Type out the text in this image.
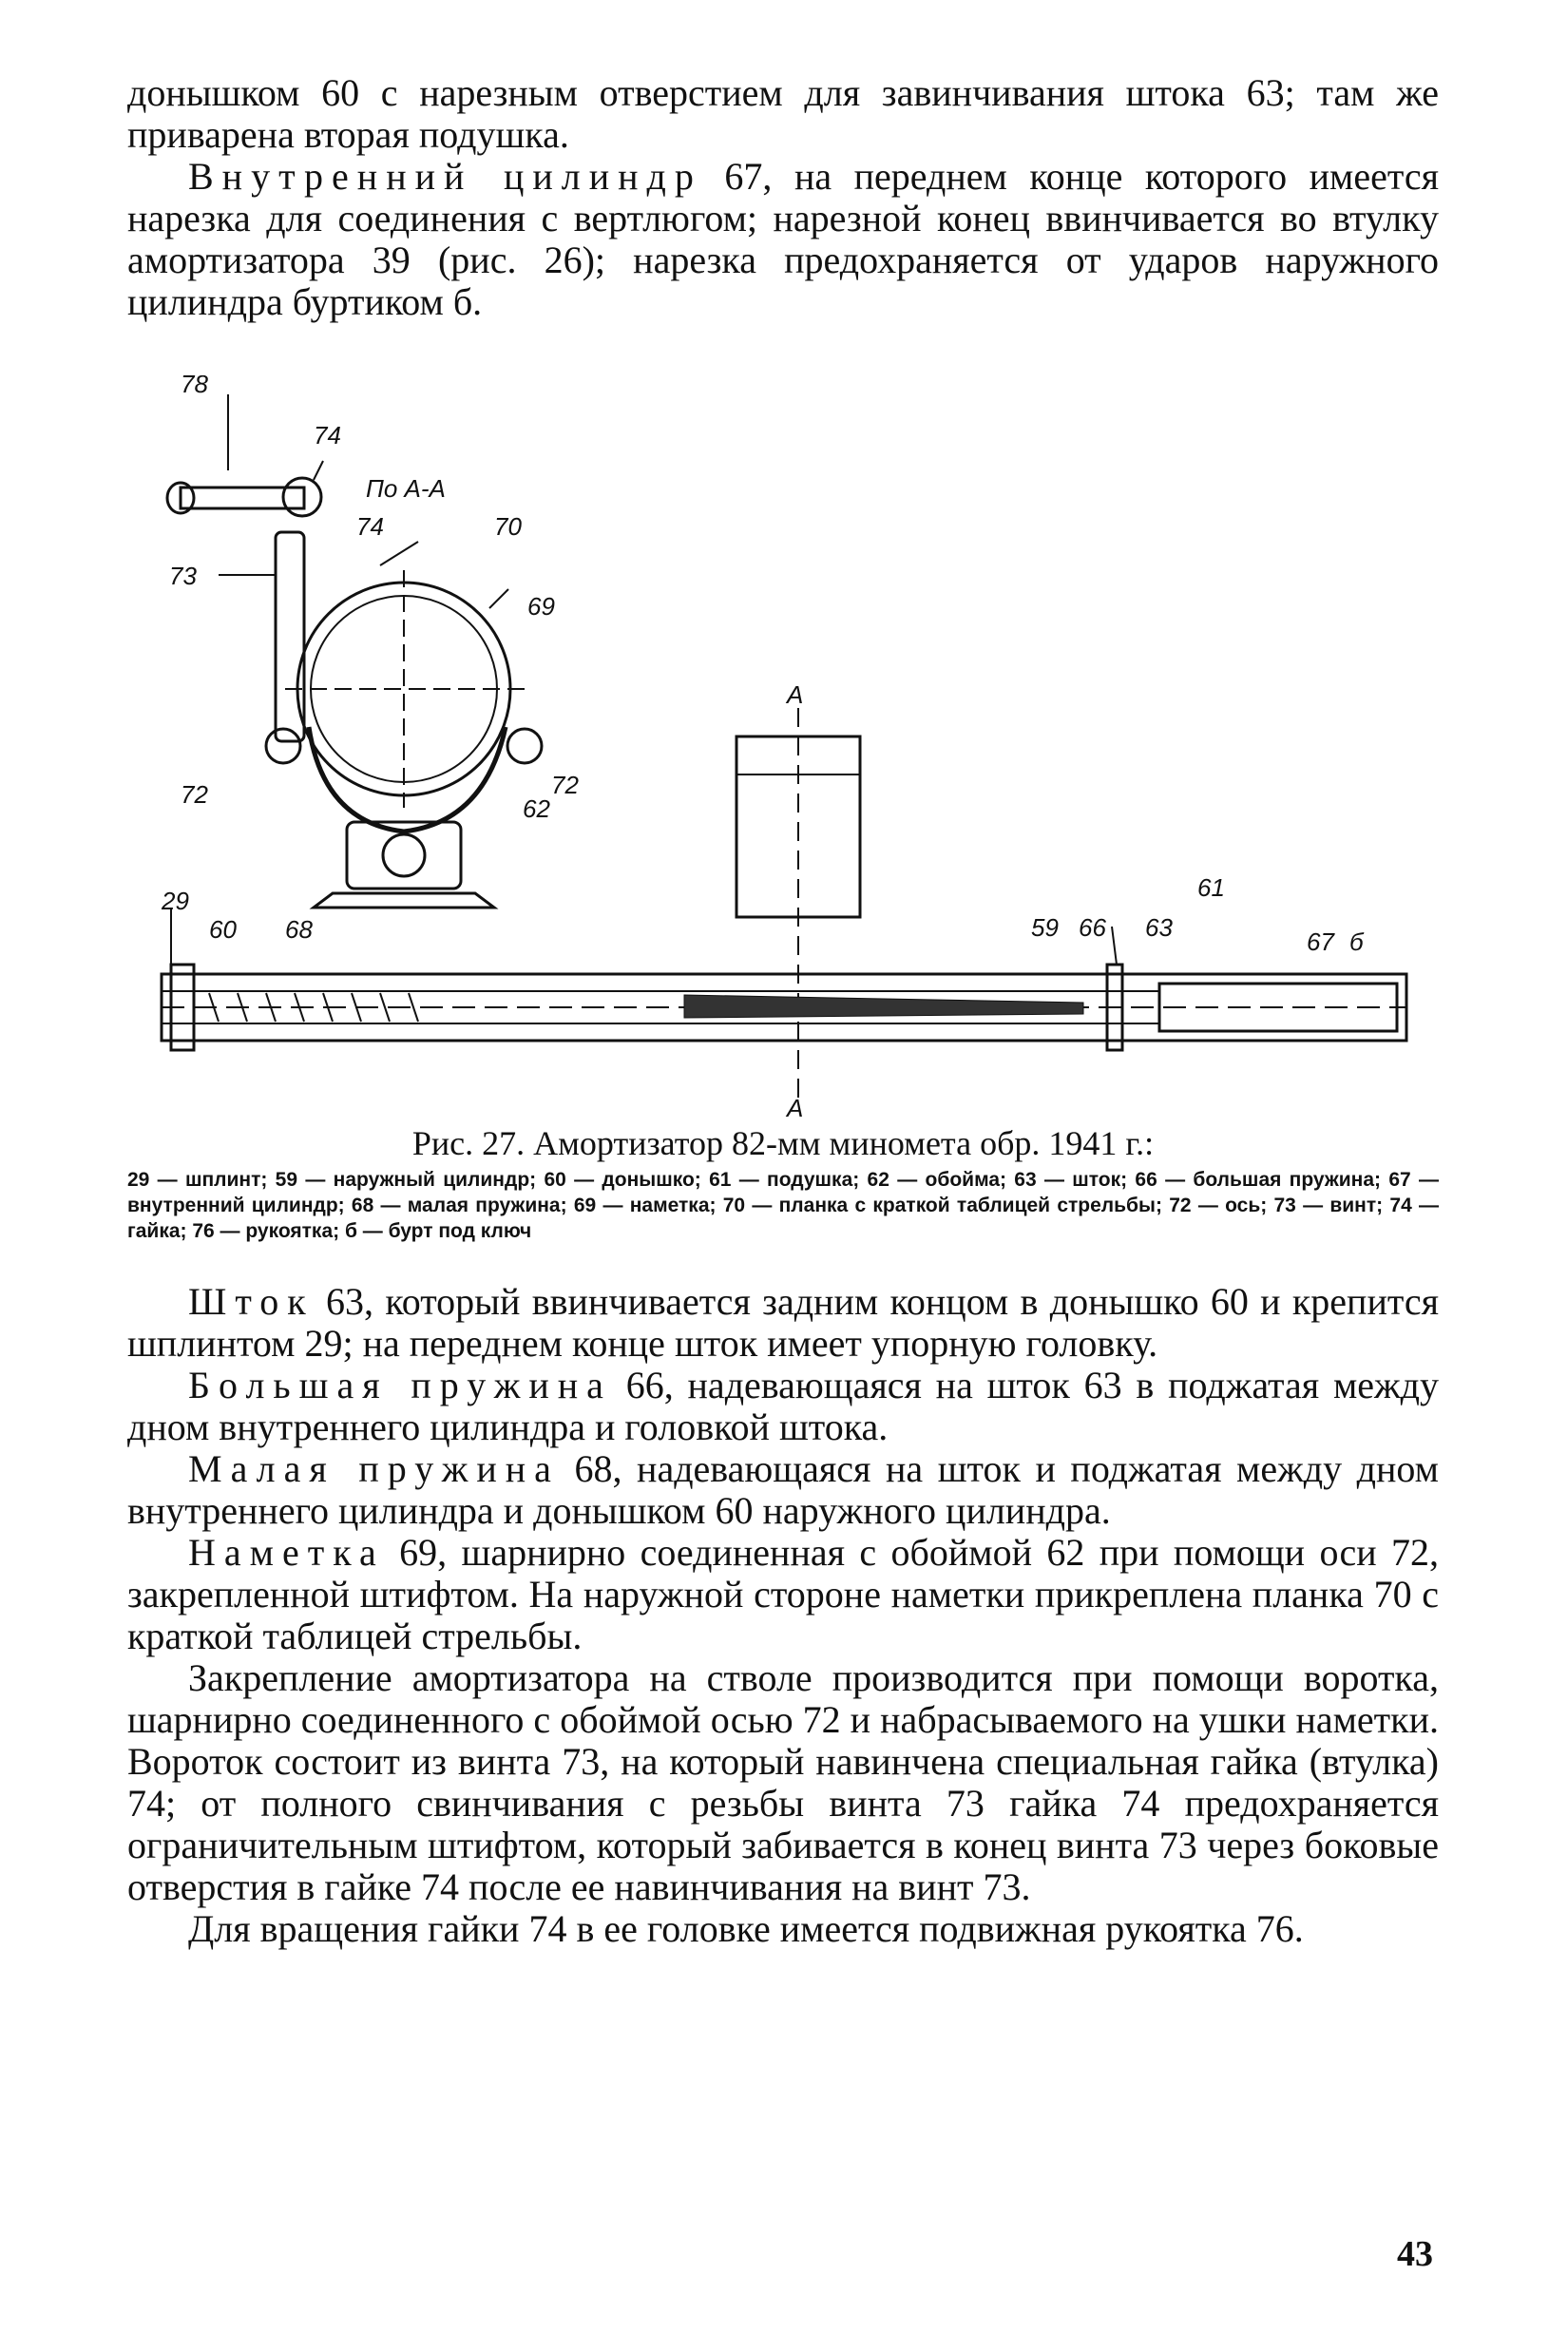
донышком 60 с нарезным отверстием для завинчивания штока 63; там же приварена вторая подушка.

Внутренний цилиндр 67, на переднем конце которого имеется нарезка для соединения с вертлюгом; нарезной конец ввинчивается во втулку амортизатора 39 (рис. 26); нарезка предохраняется от ударов наружного цилиндра буртиком б.

78
74
По А-А
74	70
73
69
72	72
62
А
29
60 68
61
59 66 63	67 б
А

Рис. 27. Амортизатор 82-мм миномета обр. 1941 г.:

29 — шплинт; 59 — наружный цилиндр; 60 — донышко; 61 — подушка; 62 — обойма; 63 — шток; 66 — большая пружина; 67 — внутренний цилиндр; 68 — малая пружина; 69 — наметка; 70 — планка с краткой таблицей стрельбы; 72 — ось; 73 — винт; 74 — гайка; 76 — рукоятка; б — бурт под ключ

Шток 63, который ввинчивается задним концом в донышко 60 и крепится шплинтом 29; на переднем конце шток имеет упорную головку.

Большая пружина 66, надевающаяся на шток 63 в поджатая между дном внутреннего цилиндра и головкой штока.

Малая пружина 68, надевающаяся на шток и поджатая между дном внутреннего цилиндра и донышком 60 наружного цилиндра.

Наметка 69, шарнирно соединенная с обоймой 62 при помощи оси 72, закрепленной штифтом. На наружной стороне наметки прикреплена планка 70 с краткой таблицей стрельбы.

Закрепление амортизатора на стволе производится при помощи воротка, шарнирно соединенного с обоймой осью 72 и набрасываемого на ушки наметки. Вороток состоит из винта 73, на который навинчена специальная гайка (втулка) 74; от полного свинчивания с резьбы винта 73 гайка 74 предохраняется ограничительным штифтом, который забивается в конец винта 73 через боковые отверстия в гайке 74 после ее навинчивания на винт 73.

Для вращения гайки 74 в ее головке имеется подвижная рукоятка 76.

43
